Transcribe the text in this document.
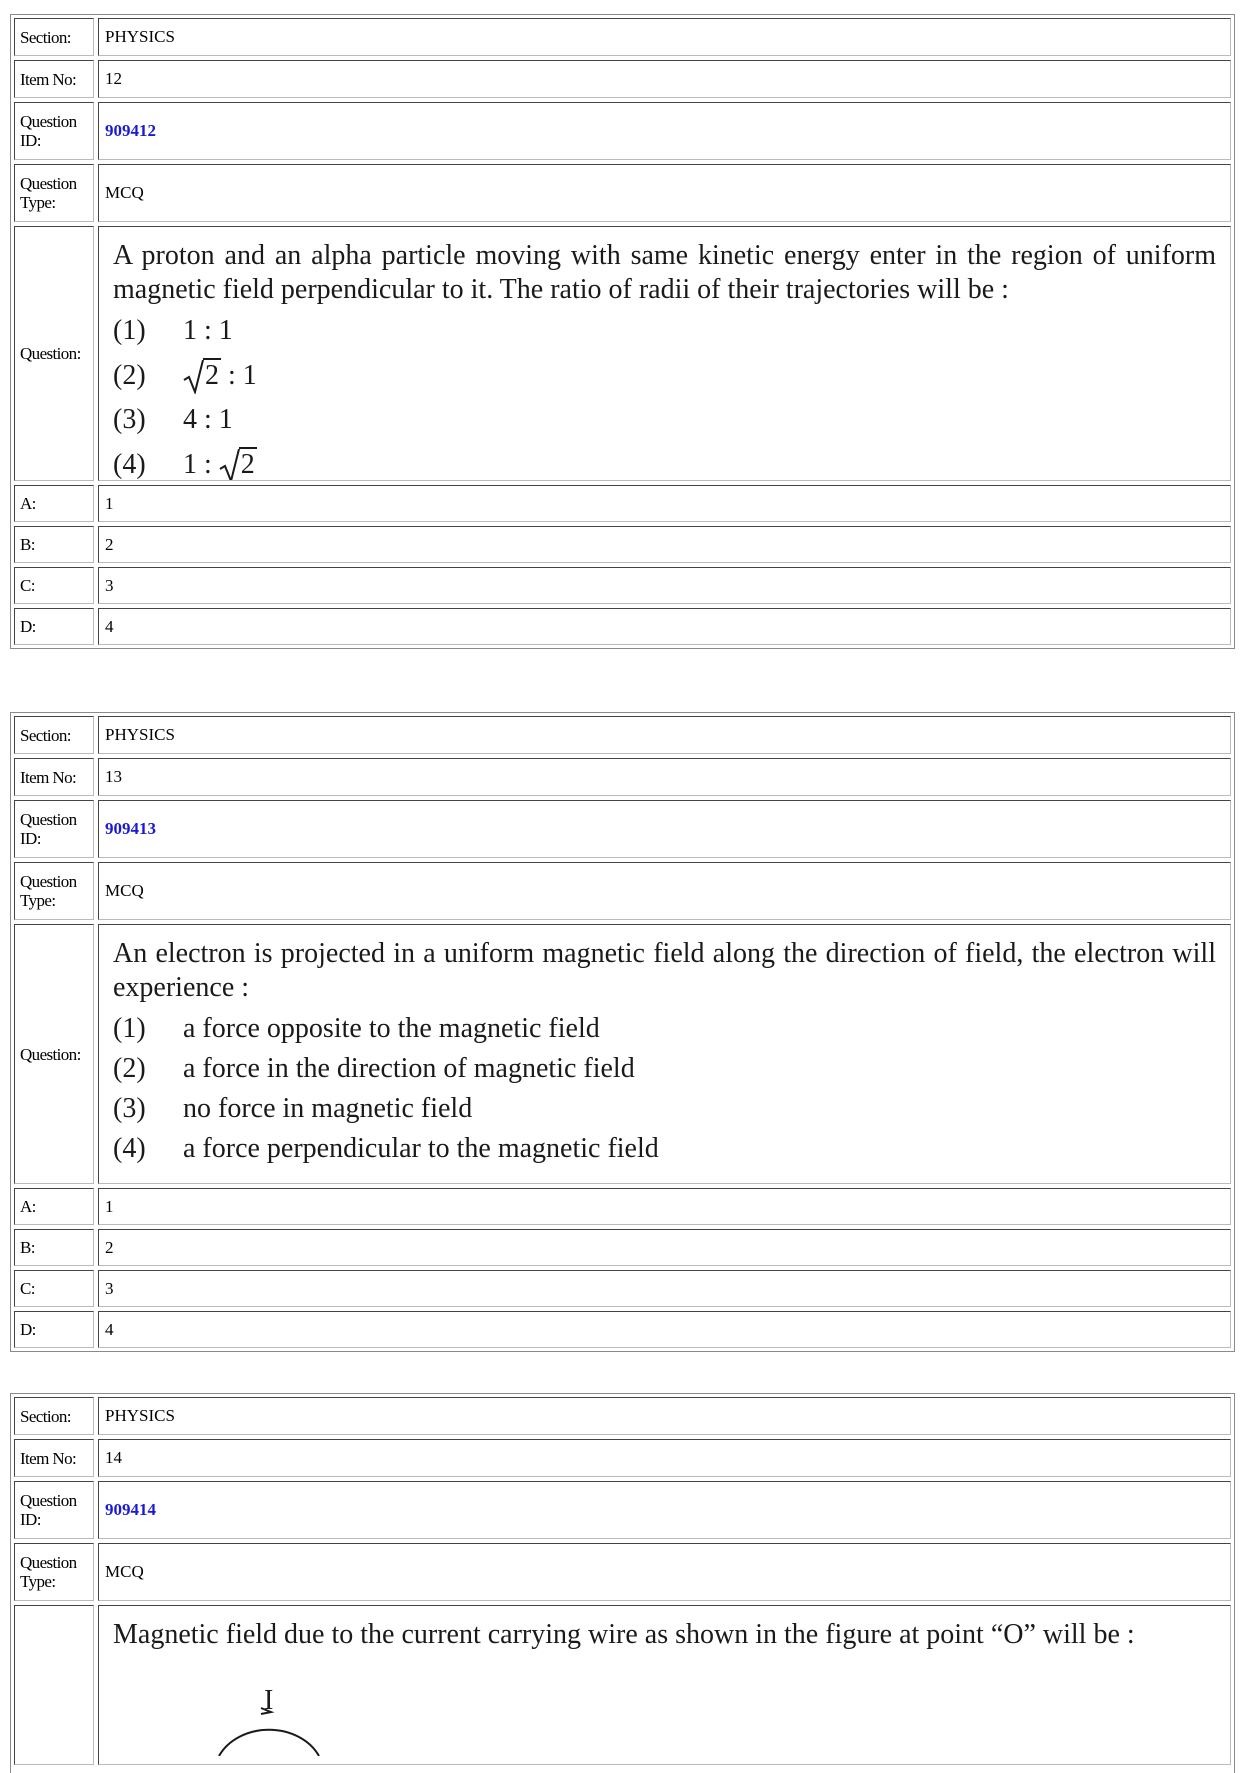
Section:	PHYSICS
Item No:	12
Question ID:
909412
Question Type:
MCQ
Question:

A proton and an alpha particle moving with same kinetic energy enter in the region of uniform magnetic field perpendicular to it. The ratio of radii of their trajectories will be :

(1)	1 : 1
(2)	2 : 1
(3)	4 : 1
(4)	1 : 2
A:	1
B:	2
C:	3
D:	4
Section:	PHYSICS
Item No:	13
Question ID:
909413
Question Type:
MCQ
Question:

An electron is projected in a uniform magnetic field along the direction of field, the electron will experience :

(1)	a force opposite to the magnetic field
(2)	a force in the direction of magnetic field
(3)	no force in magnetic field
(4)	a force perpendicular to the magnetic field
A:	1
B:	2
C:	3
D:	4
Section:	PHYSICS
Item No:	14
Question ID:
909414
Question Type:
MCQ

Magnetic field due to the current carrying wire as shown in the figure at point “O” will be :

I
